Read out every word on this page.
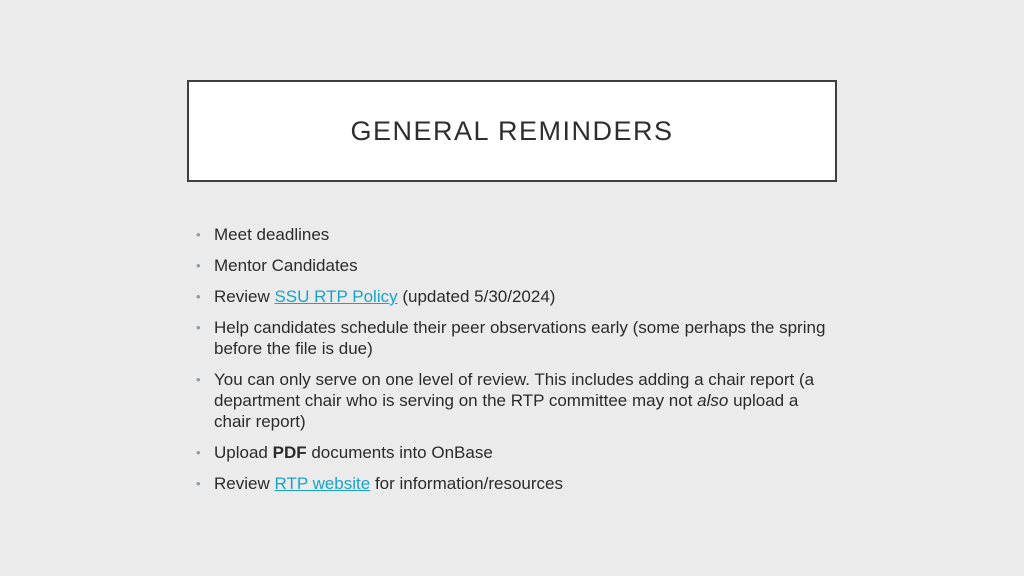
GENERAL REMINDERS
• Meet deadlines
• Mentor Candidates
• Review SSU RTP Policy (updated 5/30/2024)
• Help candidates schedule their peer observations early (some perhaps the spring before the file is due)
• You can only serve on one level of review. This includes adding a chair report (a department chair who is serving on the RTP committee may not also upload a chair report)
• Upload PDF documents into OnBase
• Review RTP website for information/resources
